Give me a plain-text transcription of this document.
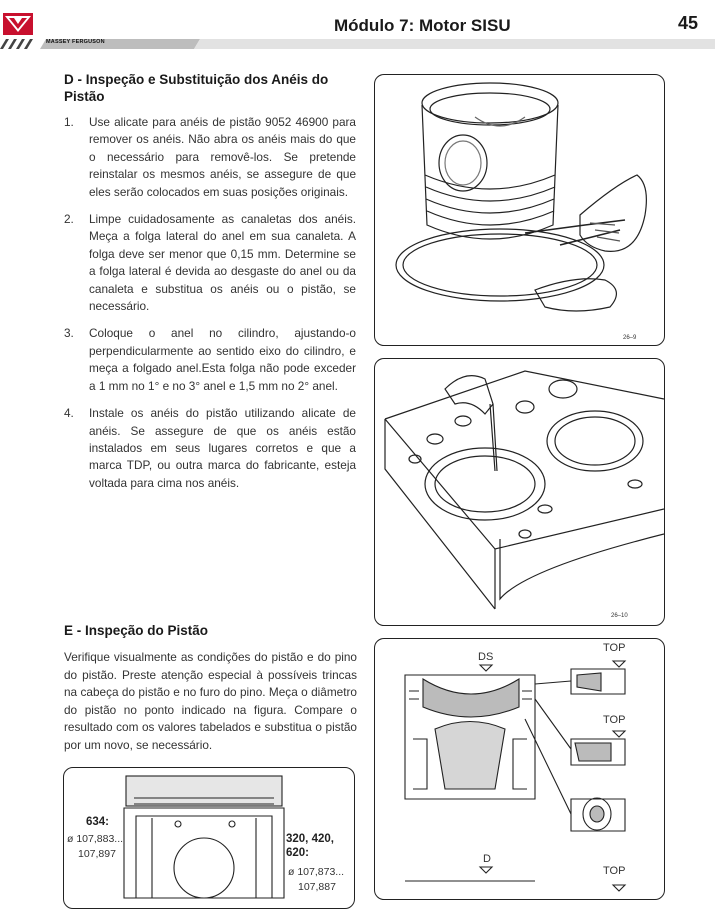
MASSEY FERGUSON
Módulo 7: Motor SISU	45
D - Inspeção e Substituição dos Anéis do Pistão
1. Use alicate para anéis de pistão 9052 46900 para remover os anéis. Não abra os anéis mais do que o necessário para removê-los. Se pretende reinstalar os mesmos anéis, se assegure de que eles serão colocados em suas posições originais.
2. Limpe cuidadosamente as canaletas dos anéis. Meça a folga lateral do anel em sua canaleta. A folga deve ser menor que 0,15 mm. Determine se a folga lateral é devida ao desgaste do anel ou da canaleta e substitua os anéis ou o pistão, se necessário.
3. Coloque o anel no cilindro, ajustando-o perpendicularmente ao sentido eixo do cilindro, e meça a folgado anel.Esta folga não pode exceder a 1 mm no 1° e no 3° anel e 1,5 mm no 2° anel.
4. Instale os anéis do pistão utilizando alicate de anéis. Se assegure de que os anéis estão instalados em seus lugares corretos e que a marca TDP, ou outra marca do fabricante, esteja voltada para cima nos anéis.
E - Inspeção do Pistão
Verifique visualmente as condições do pistão e do pino do pistão. Preste atenção especial à possíveis trincas na cabeça do pistão e no furo do pino. Meça o diâmetro do pistão no ponto indicado na figura. Compare o resultado com os valores tabelados e substitua o pistão por um novo, se necessário.
26–9
26–10
DS
D
TOP
TOP
TOP
634:
ø 107,883...
107,897
320, 420, 620:
ø 107,873...
107,887
